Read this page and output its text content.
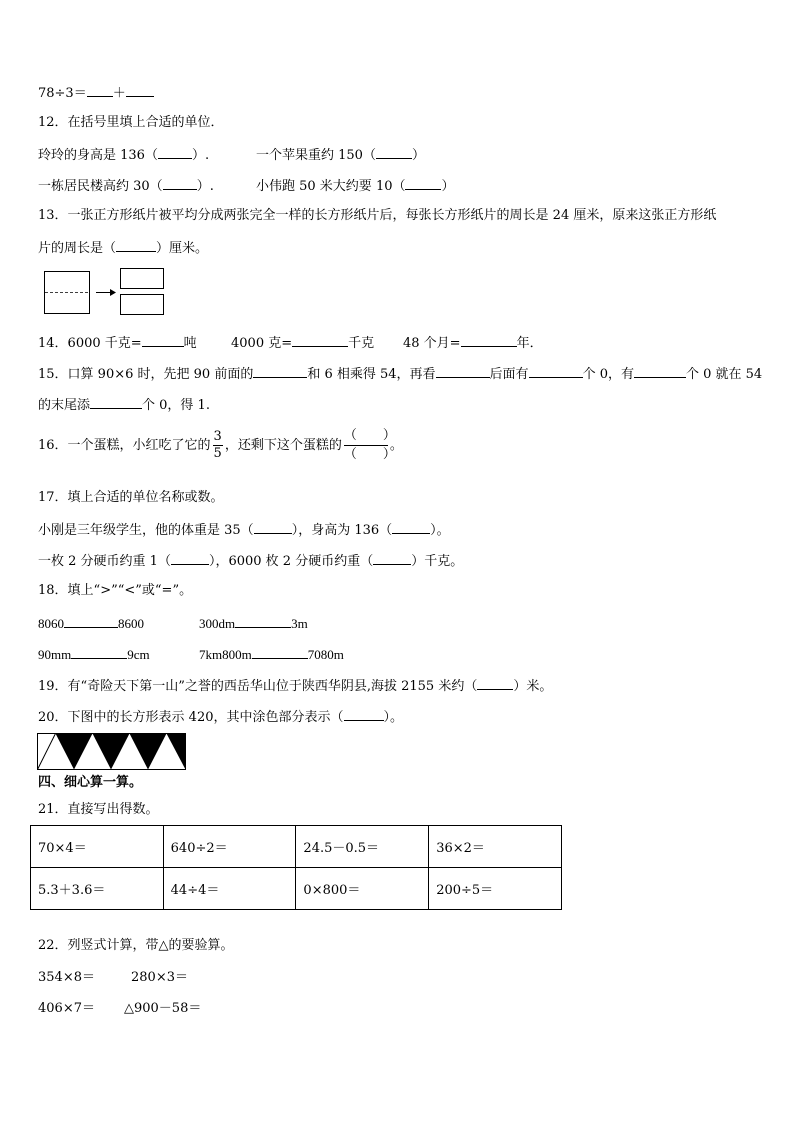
78÷3＝ ＋
12．在括号里填上合适的单位．
玲玲的身高是 136（	）.	一个苹果重约 150（	）
一栋居民楼高约 30（	）.	小伟跑 50 米大约要 10（	）
13．一张正方形纸片被平均分成两张完全一样的长方形纸片后，每张长方形纸片的周长是 24 厘米，原来这张正方形纸
片的周长是（	）厘米。
14．6000 千克=	吨	4000 克=	千克 48 个月=	年．
15．口算 90×6 时，先把 90 前面的	和 6 相乘得 54，再看	后面有	个 0，有	个 0 就在 54
的末尾添	个 0，得 1.
16．一个蛋糕，小红吃了它的 $\frac{3}{5}$ ，还剩下这个蛋糕的 $\frac{( )}{( )}$ 。
17．填上合适的单位名称或数。
小刚是三年级学生，他的体重是 35（	），身高为 136（	）。
一枚 2 分硬币约重 1（	），6000 枚 2 分硬币约重（	）千克。
18．填上“>”“<”或“=”。
8060	8600	300dm	3m
90mm	9cm	7km800m	7080m
19．有“奇险天下第一山”之誉的西岳华山位于陕西华阴县,海拔 2155 米约（	）米。
20．下图中的长方形表示 420，其中涂色部分表示（	）。
四、细心算一算。
21．直接写出得数。
70×4＝	640÷2＝	24.5－0.5＝	36×2＝
5.3＋3.6＝	44÷4＝	0×800＝	200÷5＝
22．列竖式计算，带△的要验算。
354×8＝	280×3＝
406×7＝ △900－58＝
